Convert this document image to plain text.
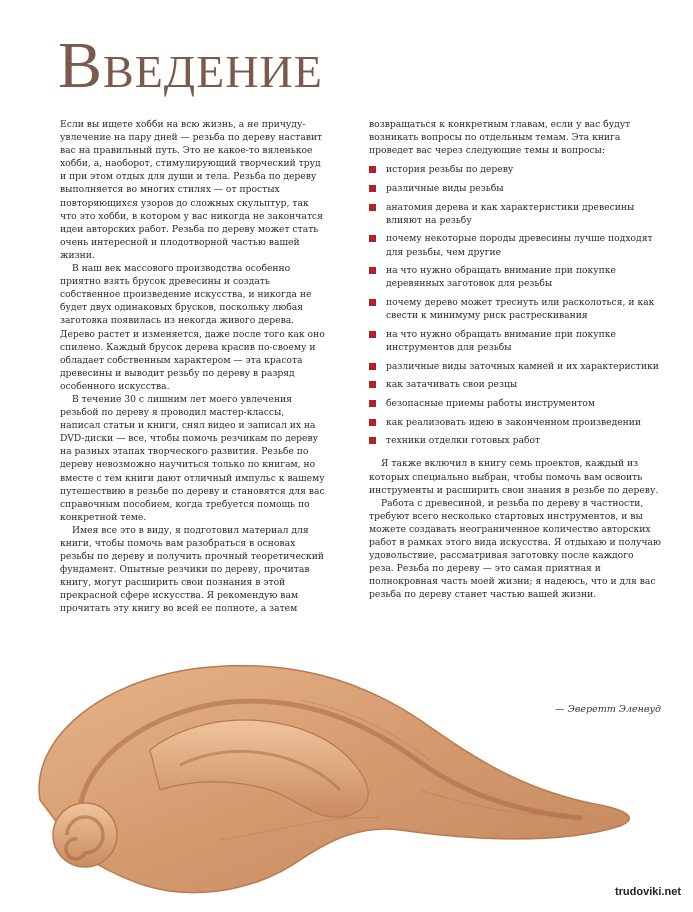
Введение

Если вы ищете хобби на всю жизнь, а не причуду-увлечение на пару дней — резьба по дереву наставит вас на правильный путь. Это не какое-то вяленькое хобби, а, наоборот, стимулирующий творческий труд и при этом отдых для души и тела. Резьба по дереву выполняется во многих стилях — от простых повторяющихся узоров до сложных скульптур, так что это хобби, в котором у вас никогда не закончатся идеи авторских работ. Резьба по дереву может стать очень интересной и плодотворной частью вашей жизни.

В наш век массового производства особенно приятно взять брусок древесины и создать собственное произведение искусства, и никогда не будет двух одинаковых брусков, поскольку любая заготовка появилась из некогда живого дерева. Дерево растет и изменяется, даже после того как оно спилено. Каждый брусок дерева красив по-своему и обладает собственным характером — эта красота древесины и выводит резьбу по дереву в разряд особенного искусства.

В течение 30 с лишним лет моего увлечения резьбой по дереву я проводил мастер-классы, написал статьи и книги, снял видео и записал их на DVD-диски — все, чтобы помочь резчикам по дереву на разных этапах творческого развития. Резьбе по дереву невозможно научиться только по книгам, но вместе с тем книги дают отличный импульс к вашему путешествию в резьбе по дереву и становятся для вас справочным пособием, когда требуется помощь по конкретной теме.

Имея все это в виду, я подготовил материал для книги, чтобы помочь вам разобраться в основах резьбы по дереву и получить прочный теоретический фундамент. Опытные резчики по дереву, прочитав книгу, могут расширить свои познания в этой прекрасной сфере искусства. Я рекомендую вам прочитать эту книгу во всей ее полноте, а затем

возвращаться к конкретным главам, если у вас будут возникать вопросы по отдельным темам. Эта книга проведет вас через следующие темы и вопросы:

история резьбы по дереву
различные виды резьбы
анатомия дерева и как характеристики древесины влияют на резьбу
почему некоторые породы древесины лучше подходят для резьбы, чем другие
на что нужно обращать внимание при покупке деревянных заготовок для резьбы
почему дерево может треснуть или расколоться, и как свести к минимуму риск растрескивания
на что нужно обращать внимание при покупке инструментов для резьбы
различные виды заточных камней и их характеристики
как затачивать свои резцы
безопасные приемы работы инструментом
как реализовать идею в законченном произведении
техники отделки готовых работ

Я также включил в книгу семь проектов, каждый из которых специально выбран, чтобы помочь вам освоить инструменты и расширить свои знания в резьбе по дереву.

Работа с древесиной, и резьба по дереву в частности, требуют всего несколько стартовых инструментов, и вы можете создавать неограниченное количество авторских работ в рамках этого вида искусства. Я отдыхаю и получаю удовольствие, рассматривая заготовку после каждого реза. Резьба по дереву — это самая приятная и полнокровная часть моей жизни; я надеюсь, что и для вас резьба по дереву станет частью вашей жизни.

— Эверетт Эленвуд
trudoviki.net
